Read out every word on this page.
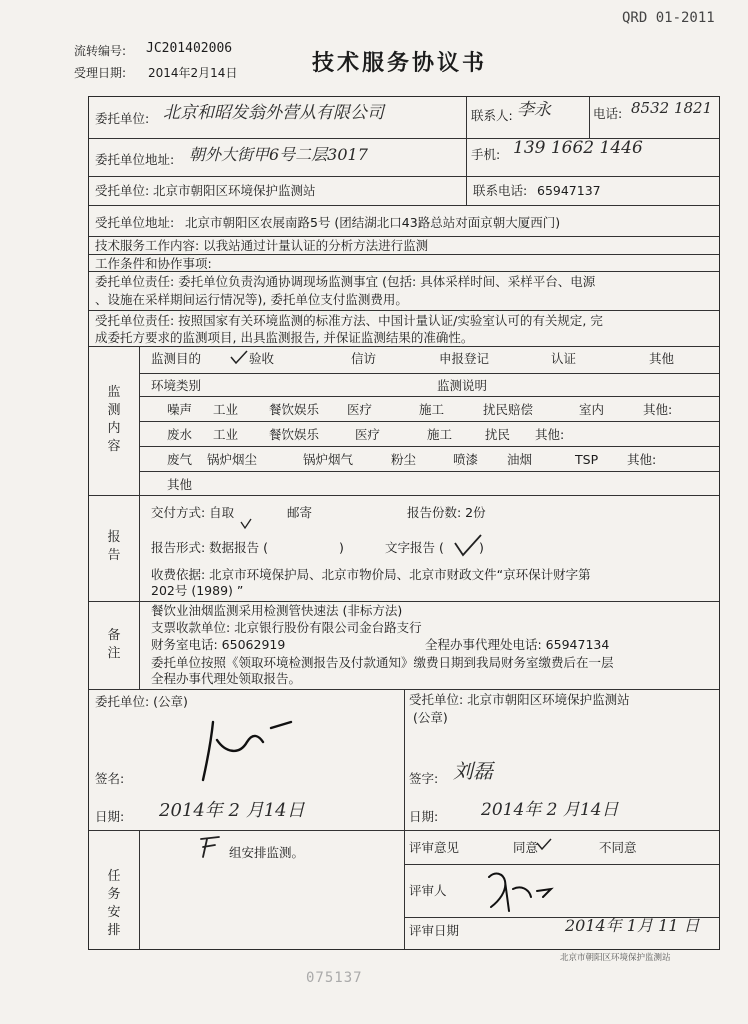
QRD 01-2011
流转编号: JC201402006
受理日期: 2014年2月14日	技术服务协议书
委托单位: 北京和昭发翁外营从有限公司	联系人: 李永	电话: 8532 1821
委托单位地址: 朝外大街甲6号二层3017	手机: 139 1662 1446
受托单位: 北京市朝阳区环境保护监测站	联系电话: 65947137
受托单位地址: 北京市朝阳区农展南路5号 (团结湖北口43路总站对面京朝大厦西门)
技术服务工作内容: 以我站通过计量认证的分析方法进行监测
工作条件和协作事项:
委托单位责任: 委托单位负责沟通协调现场监测事宜 (包括: 具体采样时间、采样平台、电源
、设施在采样期间运行情况等), 委托单位支付监测费用。
受托单位责任: 按照国家有关环境监测的标准方法、中国计量认证/实验室认可的有关规定, 完
成委托方要求的监测项目, 出具监测报告, 并保证监测结果的准确性。
监测内容
监测目的	验收	信访	申报登记	认证	其他
环境类别	监测说明
噪声 工业 餐饮娱乐 医疗	施工	扰民赔偿	室内	其他:
废水 工业 餐饮娱乐	医疗	施工	扰民 其他:
废气 锅炉烟尘	锅炉烟气	粉尘	喷漆 油烟	TSP 其他:
其他
报告
交付方式: 自取	邮寄	报告份数: 2份
报告形式: 数据报告 (	)	文字报告 (	)
收费依据: 北京市环境保护局、北京市物价局、北京市财政文件“京环保计财字第
202号 (1989) ”
备注
餐饮业油烟监测采用检测管快速法 (非标方法)
支票收款单位: 北京银行股份有限公司金台路支行
财务室电话: 65062919	全程办事代理处电话: 65947134
委托单位按照《领取环境检测报告及付款通知》缴费日期到我局财务室缴费后在一层
全程办事代理处领取报告。
委托单位: (公章)
签名:
日期: 2014年 2 月14日
受托单位: 北京市朝阳区环境保护监测站
(公章)
签字: 刘磊
日期:	2014年 2 月14日
任务安排
组安排监测。	评审意见	同意	不同意
评审人
评审日期	2014年 1月 11 日
北京市朝阳区环境保护监测站
075137
